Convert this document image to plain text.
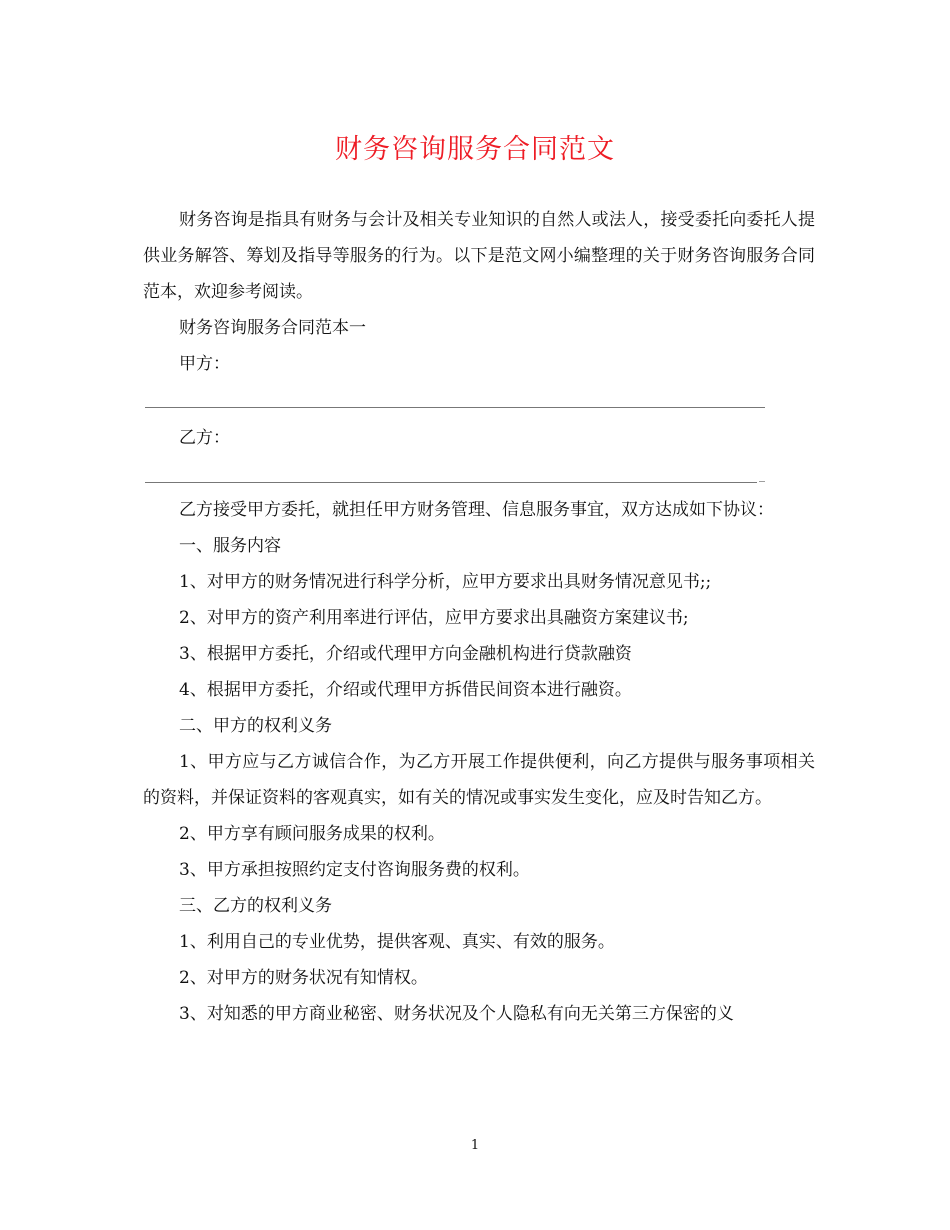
财务咨询服务合同范文

财务咨询是指具有财务与会计及相关专业知识的自然人或法人，接受委托向委托人提供业务解答、筹划及指导等服务的行为。以下是范文网小编整理的关于财务咨询服务合同范本，欢迎参考阅读。

财务咨询服务合同范本一

甲方：

乙方：

_

乙方接受甲方委托，就担任甲方财务管理、信息服务事宜，双方达成如下协议：

一、服务内容

1、对甲方的财务情况进行科学分析，应甲方要求出具财务情况意见书;;

2、对甲方的资产利用率进行评估，应甲方要求出具融资方案建议书;

3、根据甲方委托，介绍或代理甲方向金融机构进行贷款融资

4、根据甲方委托，介绍或代理甲方拆借民间资本进行融资。

二、甲方的权利义务

1、甲方应与乙方诚信合作，为乙方开展工作提供便利，向乙方提供与服务事项相关的资料，并保证资料的客观真实，如有关的情况或事实发生变化，应及时告知乙方。

2、甲方享有顾问服务成果的权利。

3、甲方承担按照约定支付咨询服务费的权利。

三、乙方的权利义务

1、利用自己的专业优势，提供客观、真实、有效的服务。

2、对甲方的财务状况有知情权。

3、对知悉的甲方商业秘密、财务状况及个人隐私有向无关第三方保密的义

1
